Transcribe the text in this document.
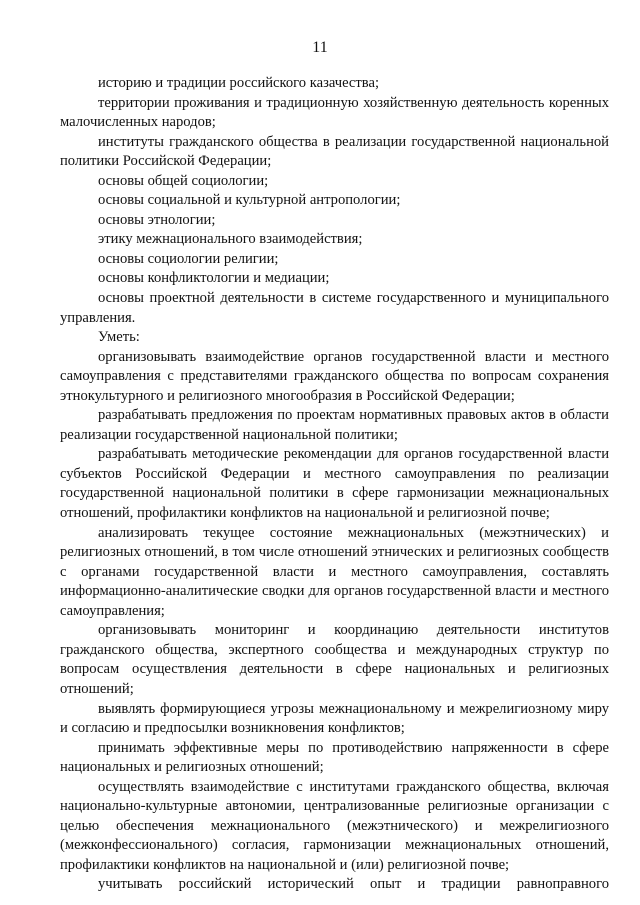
11

историю и традиции российского казачества;

территории проживания и традиционную хозяйственную деятельность коренных малочисленных народов;

институты гражданского общества в реализации государственной национальной политики Российской Федерации;

основы общей социологии;

основы социальной и культурной антропологии;

основы этнологии;

этику межнационального взаимодействия;

основы социологии религии;

основы конфликтологии и медиации;

основы проектной деятельности в системе государственного и муниципального управления.

Уметь:

организовывать взаимодействие органов государственной власти и местного самоуправления с представителями гражданского общества по вопросам сохранения этнокультурного и религиозного многообразия в Российской Федерации;

разрабатывать предложения по проектам нормативных правовых актов в области реализации государственной национальной политики;

разрабатывать методические рекомендации для органов государственной власти субъектов Российской Федерации и местного самоуправления по реализации государственной национальной политики в сфере гармонизации межнациональных отношений, профилактики конфликтов на национальной и религиозной почве;

анализировать текущее состояние межнациональных (межэтнических) и религиозных отношений, в том числе отношений этнических и религиозных сообществ с органами государственной власти и местного самоуправления, составлять информационно-аналитические сводки для органов государственной власти и местного самоуправления;

организовывать мониторинг и координацию деятельности институтов гражданского общества, экспертного сообщества и международных структур по вопросам осуществления деятельности в сфере национальных и религиозных отношений;

выявлять формирующиеся угрозы межнациональному и межрелигиозному миру и согласию и предпосылки возникновения конфликтов;

принимать эффективные меры по противодействию напряженности в сфере национальных и религиозных отношений;

осуществлять взаимодействие с институтами гражданского общества, включая национально-культурные автономии, централизованные религиозные организации с целью обеспечения межнационального (межэтнического) и межрелигиозного (межконфессионального) согласия, гармонизации межнациональных отношений, профилактики конфликтов на национальной и (или) религиозной почве;

учитывать российский исторический опыт и традиции равноправного
